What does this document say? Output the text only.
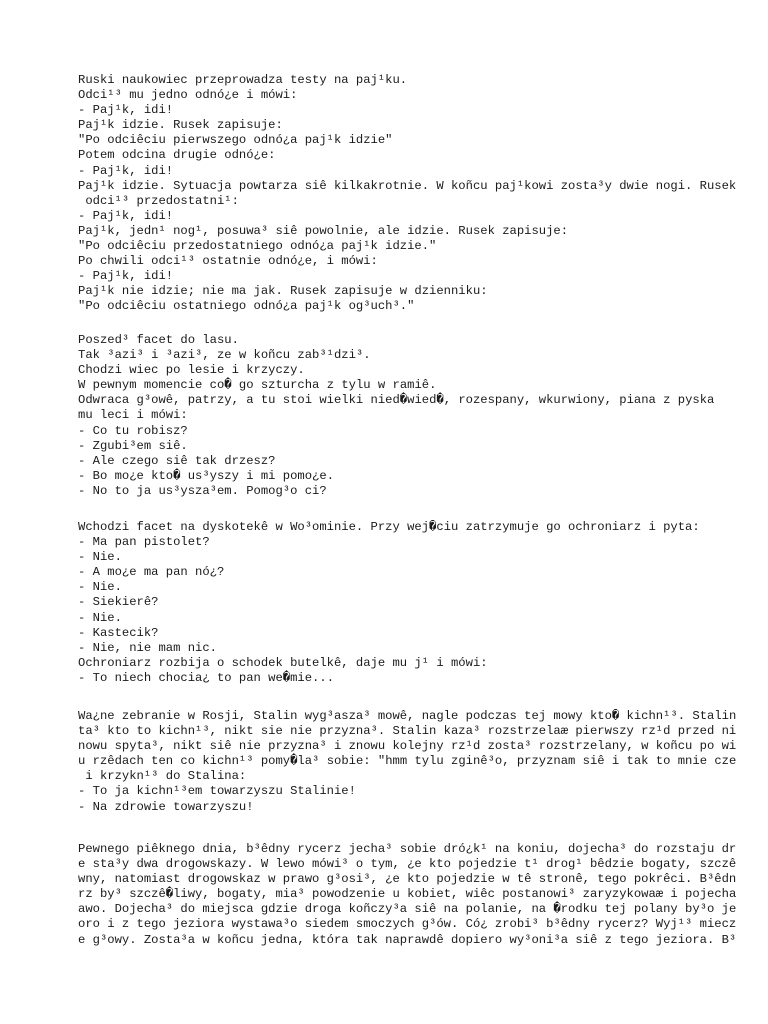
Ruski naukowiec przeprowadza testy na paj¹ku.
Odci¹³ mu jedno odnó¿e i mówi:
- Paj¹k, idi!
Paj¹k idzie. Rusek zapisuje:
"Po odciêciu pierwszego odnó¿a paj¹k idzie"
Potem odcina drugie odnó¿e:
- Paj¹k, idi!
Paj¹k idzie. Sytuacja powtarza siê kilkakrotnie. W koñcu paj¹kowi zosta³y dwie nogi. Rusek
odci¹³ przedostatni¹:
- Paj¹k, idi!
Paj¹k, jedn¹ nog¹, posuwa³ siê powolnie, ale idzie. Rusek zapisuje:
"Po odciêciu przedostatniego odnó¿a paj¹k idzie."
Po chwili odci¹³ ostatnie odnó¿e, i mówi:
- Paj¹k, idi!
Paj¹k nie idzie; nie ma jak. Rusek zapisuje w dzienniku:
"Po odciêciu ostatniego odnó¿a paj¹k og³uch³."
Poszed³ facet do lasu.
Tak ³azi³ i ³azi³, ze w koñcu zab³¹dzi³.
Chodzi wiec po lesie i krzyczy.
W pewnym momencie co� go szturcha z tylu w ramiê.
Odwraca g³owê, patrzy, a tu stoi wielki nied�wied�, rozespany, wkurwiony, piana z pyska
mu leci i mówi:
- Co tu robisz?
- Zgubi³em siê.
- Ale czego siê tak drzesz?
- Bo mo¿e kto� us³yszy i mi pomo¿e.
- No to ja us³ysza³em. Pomog³o ci?
Wchodzi facet na dyskotekê w Wo³ominie. Przy wej�ciu zatrzymuje go ochroniarz i pyta:
- Ma pan pistolet?
- Nie.
- A mo¿e ma pan nó¿?
- Nie.
- Siekierê?
- Nie.
- Kastecik?
- Nie, nie mam nic.
Ochroniarz rozbija o schodek butelkê, daje mu j¹ i mówi:
- To niech chocia¿ to pan we�mie...
Wa¿ne zebranie w Rosji, Stalin wyg³asza³ mowê, nagle podczas tej mowy kto� kichn¹³. Stalin
ta³ kto to kichn¹³, nikt sie nie przyzna³. Stalin kaza³ rozstrzelaæ pierwszy rz¹d przed ni
nowu spyta³, nikt siê nie przyzna³ i znowu kolejny rz¹d zosta³ rozstrzelany, w koñcu po wi
u rzêdach ten co kichn¹³ pomy�la³ sobie: "hmm tylu zginê³o, przyznam siê i tak to mnie cze
i krzykn¹³ do Stalina:
- To ja kichn¹³em towarzyszu Stalinie!
- Na zdrowie towarzyszu!
Pewnego piêknego dnia, b³êdny rycerz jecha³ sobie dró¿k¹ na koniu, dojecha³ do rozstaju dr
e sta³y dwa drogowskazy. W lewo mówi³ o tym, ¿e kto pojedzie t¹ drog¹ bêdzie bogaty, szczê
wny, natomiast drogowskaz w prawo g³osi³, ¿e kto pojedzie w tê stronê, tego pokrêci. B³êdn
rz by³ szczê�liwy, bogaty, mia³ powodzenie u kobiet, wiêc postanowi³ zaryzykowaæ i pojecha
awo. Dojecha³ do miejsca gdzie droga koñczy³a siê na polanie, na �rodku tej polany by³o je
oro i z tego jeziora wystawa³o siedem smoczych g³ów. Có¿ zrobi³ b³êdny rycerz? Wyj¹³ miecz
e g³owy. Zosta³a w koñcu jedna, która tak naprawdê dopiero wy³oni³a siê z tego jeziora. B³
